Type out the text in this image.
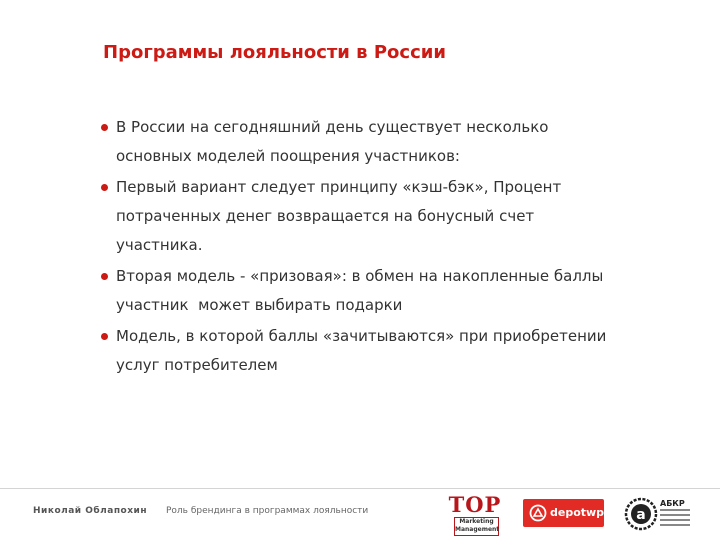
Программы лояльности в России
В России на сегодняшний день существует несколько
основных моделей поощрения участников:
Первый вариант следует принципу «кэш-бэк», Процент
потраченных денег возвращается на бонусный счет
участника.
Вторая модель - «призовая»: в обмен на накопленные баллы
участник  может выбирать подарки
Модель, в которой баллы «зачитываются» при приобретении
услуг потребителем
Николай Облапохин Роль брендинга в программах лояльности	TOP
Marketing
Management
depotwpf a
АБКР
